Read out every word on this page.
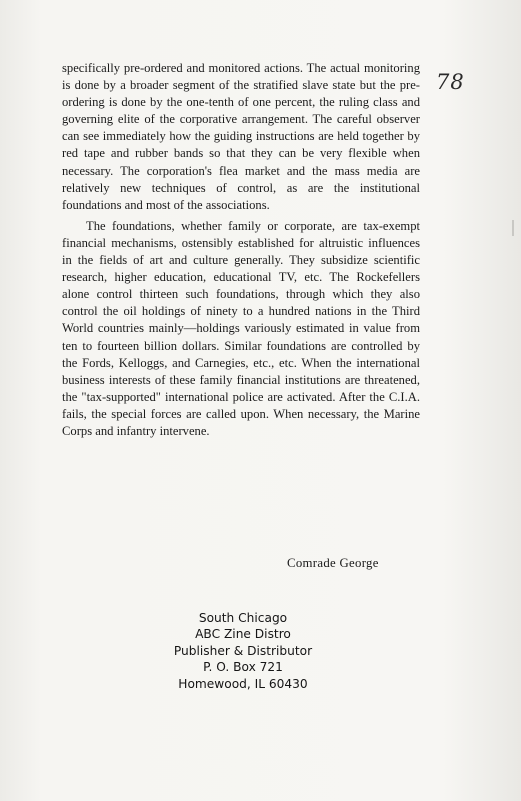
78

specifically pre-ordered and monitored actions. The actual monitoring is done by a broader segment of the stratified slave state but the pre-ordering is done by the one-tenth of one percent, the ruling class and governing elite of the corporative arrangement. The careful observer can see immediately how the guiding instructions are held together by red tape and rubber bands so that they can be very flexible when necessary. The corporation's flea market and the mass media are relatively new techniques of control, as are the institutional foundations and most of the associations.

The foundations, whether family or corporate, are tax-exempt financial mechanisms, ostensibly established for altruistic influences in the fields of art and culture generally. They subsidize scientific research, higher education, educational TV, etc. The Rockefellers alone control thirteen such foundations, through which they also control the oil holdings of ninety to a hundred nations in the Third World countries mainly—holdings variously estimated in value from ten to fourteen billion dollars. Similar foundations are controlled by the Fords, Kelloggs, and Carnegies, etc., etc. When the international business interests of these family financial institutions are threatened, the "tax-supported" international police are activated. After the C.I.A. fails, the special forces are called upon. When necessary, the Marine Corps and infantry intervene.

Comrade George
South Chicago
ABC Zine Distro
Publisher & Distributor
P. O. Box 721
Homewood, IL 60430
